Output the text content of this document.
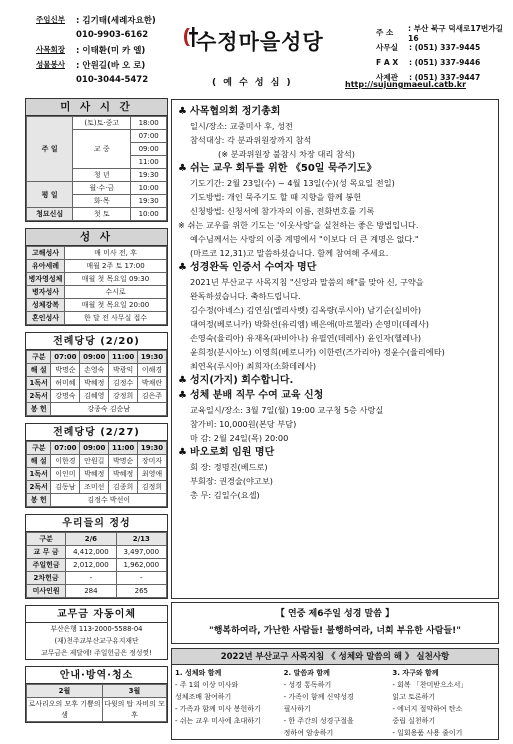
주임신부	: 김기태(세례자요한)
010-9903-6162
사목회장	: 이태환(미 카 엘)
성물봉사	: 안원길(바 오 로)
010-3044-5472
수정마을성당
( 예 수 성 심 )
주 소	: 부산 북구 덕새로17번가길 16
사무실	: (051) 337-9445
F A X	: (051) 337-9446
사제관	: (051) 337-9447
http://sujungmaeul.catb.kr
미 사 시 간
주 일	(토)토·중고	18:00
	교 중	07:00
		09:00
		11:00
	청 년	19:30
평 일	월·수·금	10:00
	화·목	19:30
청묘신심	첫 토	10:00
성 사
고해성사	매 미사 전, 후
유아세례	매월 2주 토 17:00
병자영성체	매월 첫 목요일 09:30
병자성사	수시로
성체강복	매월 첫 목요일 20:00
혼인성사	한 달 전 사무실 접수
전례당당 (2/20)
구분	07:00	09:00	11:00	19:30
해 설	박명순	손영숙	박광익	이해경
1독서	허미혜	박혜정	김정수	박채란
2독서	강명숙	김혜영	강정희	김은주
봉 헌	강종숙 김순남			
전례당당 (2/27)
구분	07:00	09:00	11:00	19:30
해 설	이한경	안원길	박명순	장미자
1독서	이인미	박혜정	박혜정	최영애
2독서	김동남	조미선	김종희	김정희
봉 헌	김정수 박선이			
우리들의 정성
구분	2/6	2/13
교 무 금	4,412,000	3,497,000
주일헌금	2,012,000	1,962,000
2차헌금	-	-
미사인원	284	265
교무금 자동이체
부산은행 113-2000-5588-04
(재)천주교부산교구유지재단
교무금은 제달에! 주일헌금은 정성껏!
안내·방역·청소
2월	3월
로사리오의 모후 기쁨의 샘	다윗의 탑 자비의 모후
♣ 사목협의회 정기총회
일시/장소: 교중미사 후, 성전
참석대상: 각 분과위원장까지 참석
(※ 분과위원장 불참시 차장 대리 참석)
♣ 쉬는 교우 회두를 위한 《50일 묵주기도》
기도기간: 2월 23일(수) ~ 4월 13일(수)(성 목요일 전일)
기도방법: 개인 묵주기도 할 때 지향을 함께 봉헌
신청방법: 신청서에 참가자의 이름, 전화번호를 기록
※ 쉬는 교우를 위한 기도는 '이웃사랑'을 실천하는 좋은 방법입니다.
예수님께서는 사랑의 이중 계명에서 "이보다 더 큰 계명은 없다."
(마르코 12,31)고 말씀하셨습니다. 함께 참여해 주세요.
♣ 성경완독 인증서 수여자 명단
2021년 부산교구 사목지침 "신앙과 말씀의 해"를 맞아 신, 구약을
완독하셨습니다. 축하드립니다.
김수정(아녜스) 김연심(엘리사벳) 김옥량(루시아) 남기순(실비아)
대여정(베로니카) 박화선(유리엠) 배은애(마르첼라) 손영미(데레사)
손영숙(율리아) 유재옥(파비아나) 유필연(데레사) 윤인자(헬레나)
윤희정(분시아노) 이영희(베로니카) 이한련(즈가리아) 정윤수(율리에타)
최연옥(루시아) 최희자(소화데레사)
♣ 성지(가지) 회수합니다.
♣ 성체 분배 직무 수여 교육 신청
교육일시/장소: 3월 7일(월) 19:00 교구청 5층 사랑실
참가비: 10,000원(본당 부담)
마 감: 2월 24일(목) 20:00
♣ 바오로회 임원 명단
회 장: 정명진(베드로)
부회장: 권경술(야고보)
총 무: 김일수(요셉)
【 연중 제6주일 성경 말씀 】
"행복하여라, 가난한 사람들! 불행하여라, 너희 부유한 사람들!"
2022년 부산교구 사목지침 《 성체와 말씀의 해 》 실천사항
1. 성체와 함께
- 주 1회 이상 미사와
성체조배 참여하기
- 가족과 함께 미사 봉헌하기
- 쉬는 교우 미사에 초대하기
2. 말씀과 함께
- 성경 통독하기
- 가족이 함께 신약성경
필사하기
- 한 주간의 성경구절을
정하여 암송하기
3. 자구와 함께
- 회복 「찬미받으소서」
읽고 토론하기
- 에너지 절약하여 탄소
중립 실천하기
- 일회용품 사용 줄이기
